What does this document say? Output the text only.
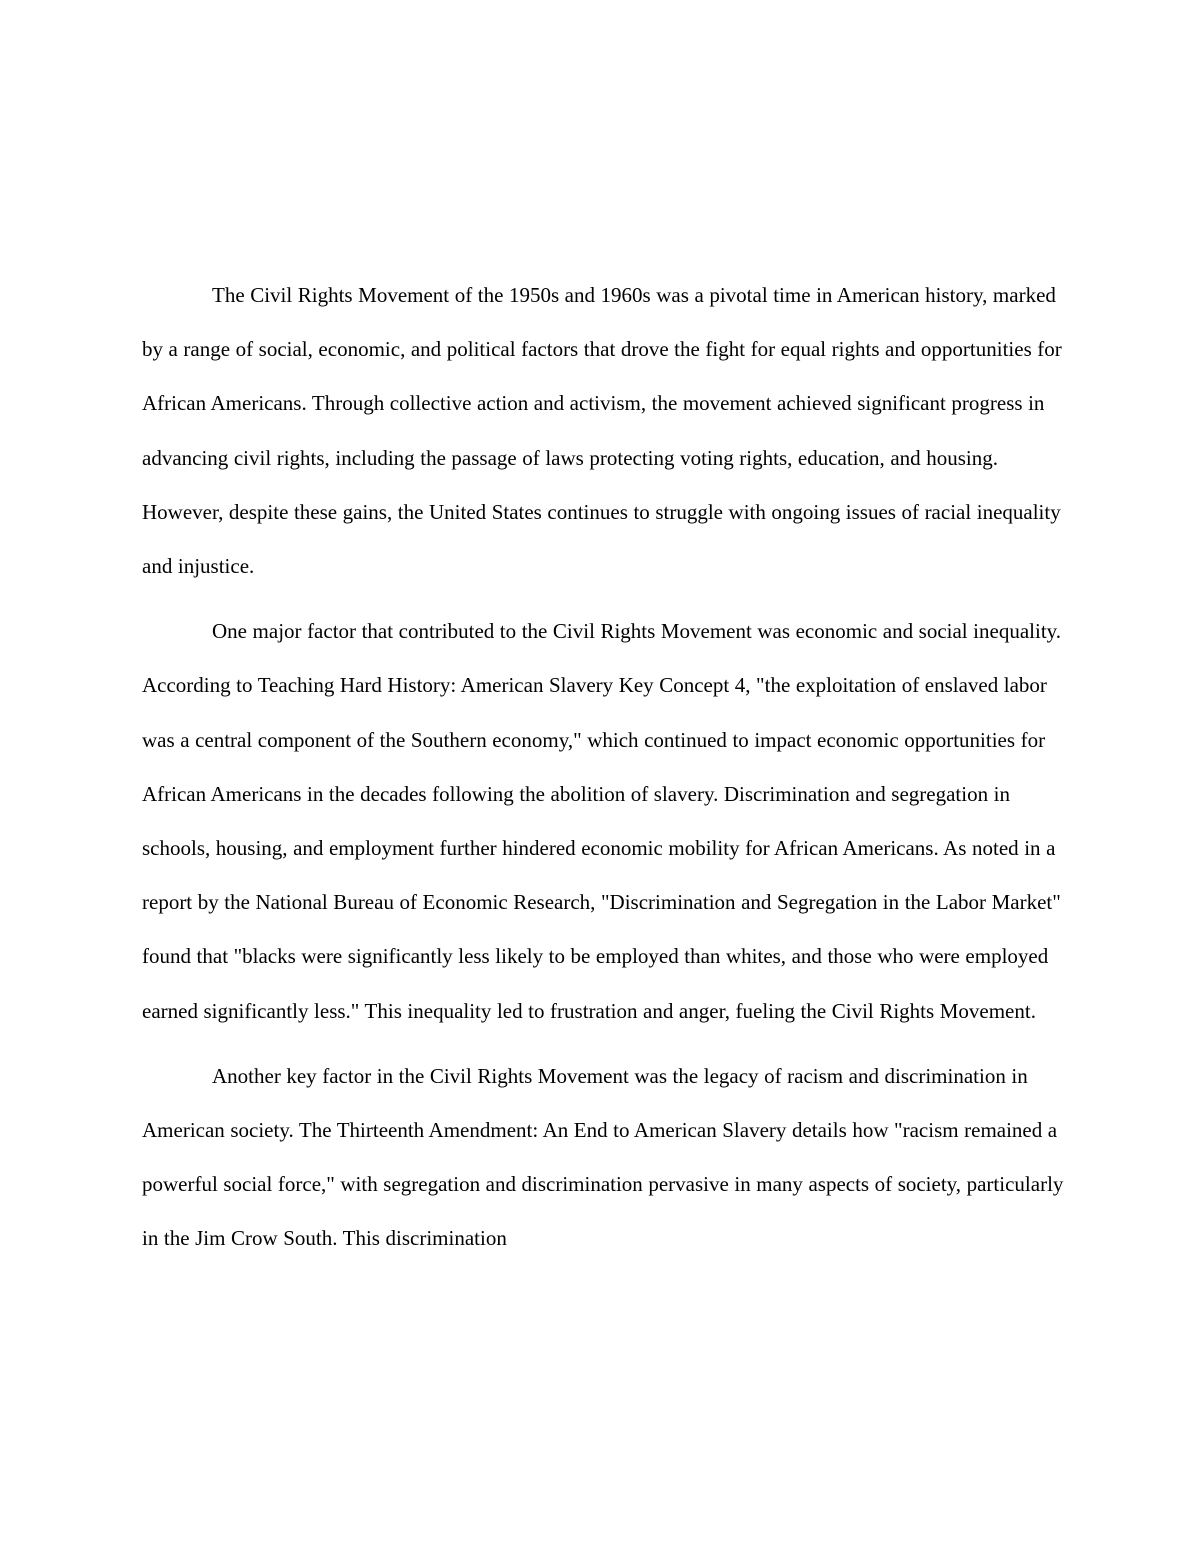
The Civil Rights Movement of the 1950s and 1960s was a pivotal time in American history, marked by a range of social, economic, and political factors that drove the fight for equal rights and opportunities for African Americans. Through collective action and activism, the movement achieved significant progress in advancing civil rights, including the passage of laws protecting voting rights, education, and housing. However, despite these gains, the United States continues to struggle with ongoing issues of racial inequality and injustice.

One major factor that contributed to the Civil Rights Movement was economic and social inequality. According to Teaching Hard History: American Slavery Key Concept 4, "the exploitation of enslaved labor was a central component of the Southern economy," which continued to impact economic opportunities for African Americans in the decades following the abolition of slavery. Discrimination and segregation in schools, housing, and employment further hindered economic mobility for African Americans. As noted in a report by the National Bureau of Economic Research, "Discrimination and Segregation in the Labor Market" found that "blacks were significantly less likely to be employed than whites, and those who were employed earned significantly less." This inequality led to frustration and anger, fueling the Civil Rights Movement.

Another key factor in the Civil Rights Movement was the legacy of racism and discrimination in American society. The Thirteenth Amendment: An End to American Slavery details how "racism remained a powerful social force," with segregation and discrimination pervasive in many aspects of society, particularly in the Jim Crow South. This discrimination
